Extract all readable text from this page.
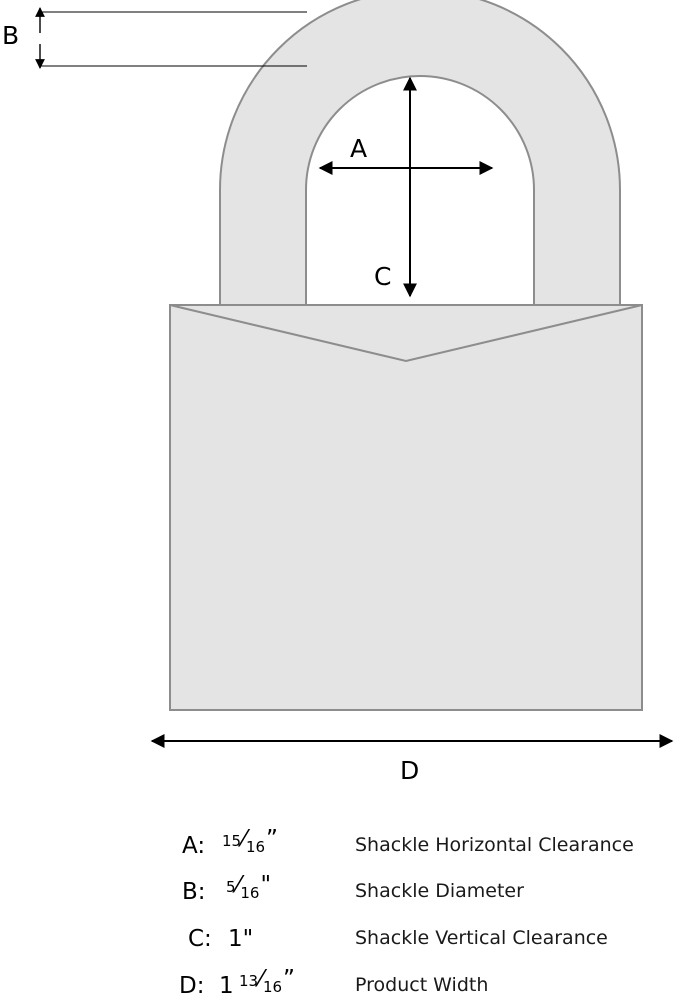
B
A
C
D
A: $15⁄_{16}$”	Shackle Horizontal Clearance
B: $5⁄_{16}$"	Shackle Diameter
C: 1"	Shackle Vertical Clearance
D: 1 $13⁄_{16}$”	Product Width
